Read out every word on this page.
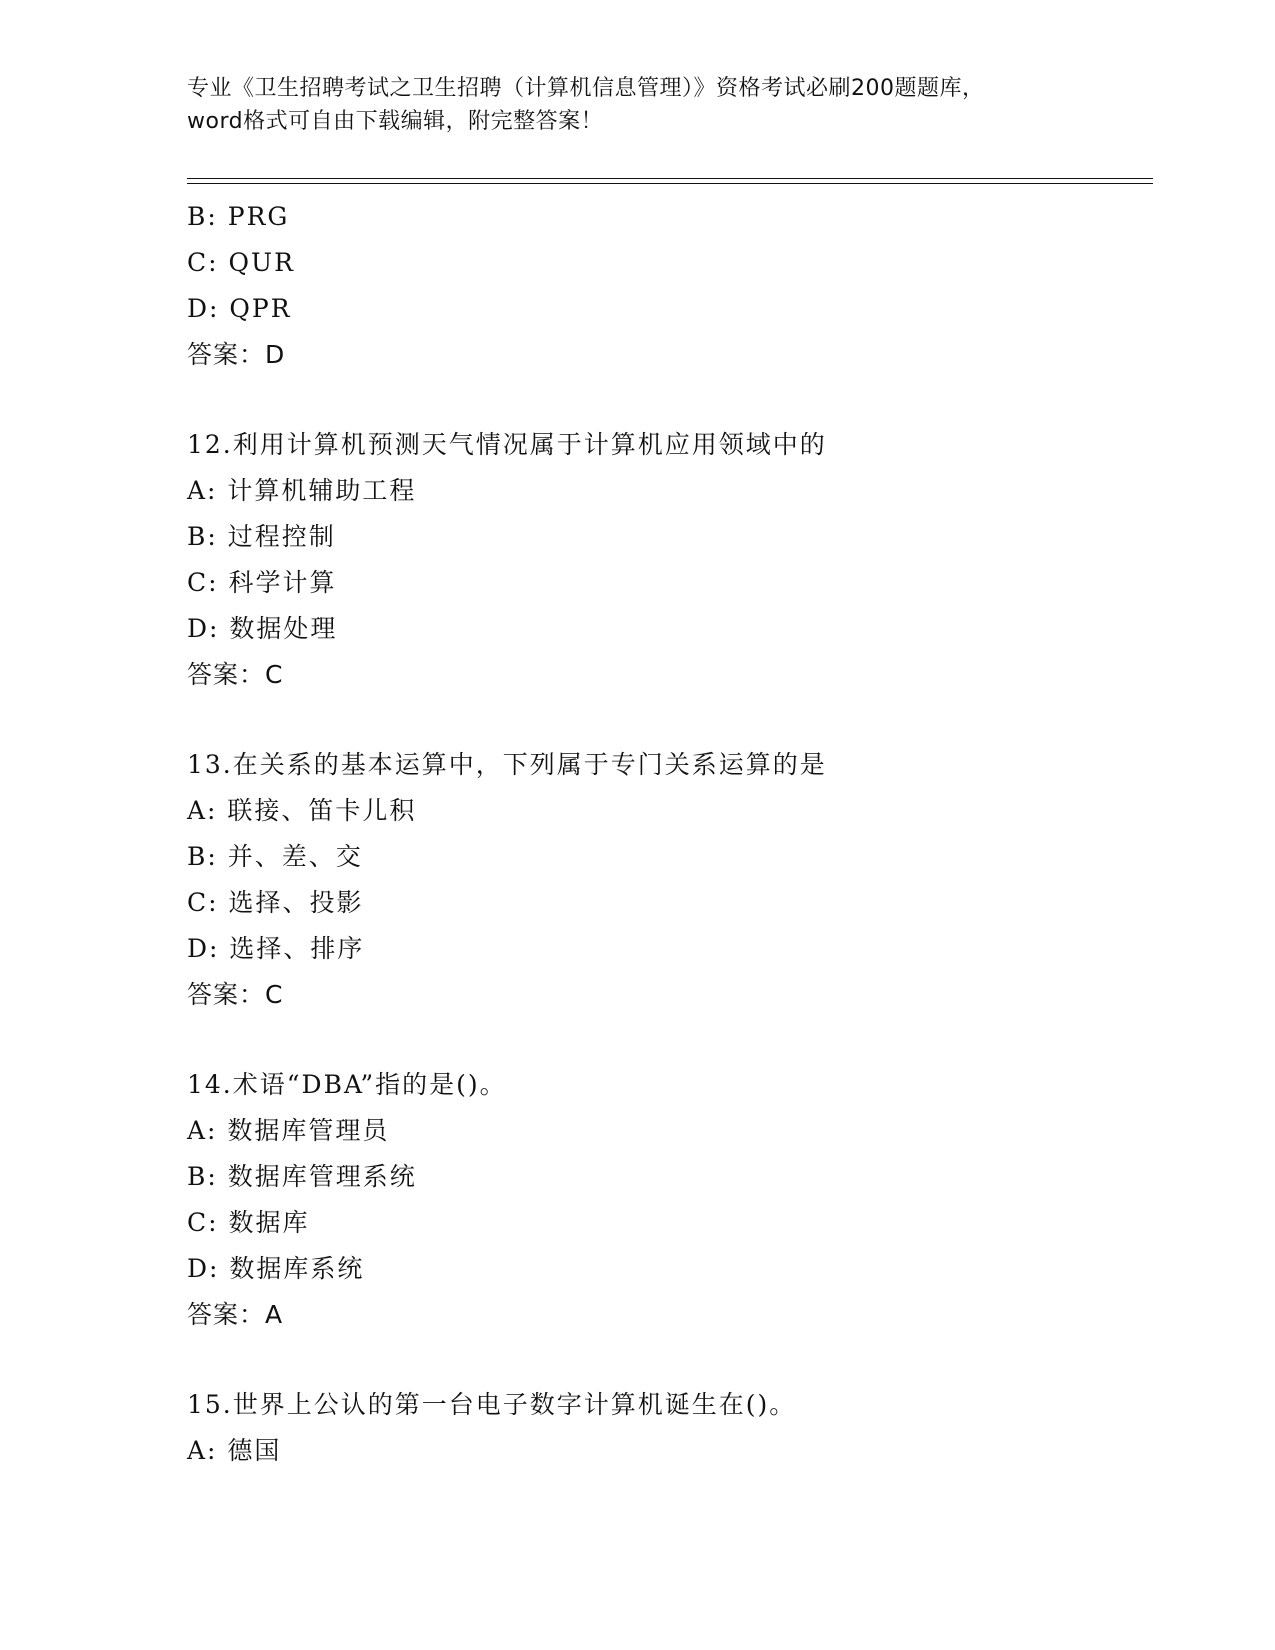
专业《卫生招聘考试之卫生招聘（计算机信息管理）》资格考试必刷200题题库，
word格式可自由下载编辑，附完整答案！
B: PRG
C: QUR
D: QPR
答案：D
12.利用计算机预测天气情况属于计算机应用领域中的
A: 计算机辅助工程
B: 过程控制
C: 科学计算
D: 数据处理
答案：C
13.在关系的基本运算中，下列属于专门关系运算的是
A: 联接、笛卡儿积
B: 并、差、交
C: 选择、投影
D: 选择、排序
答案：C
14.术语“DBA”指的是()。
A: 数据库管理员
B: 数据库管理系统
C: 数据库
D: 数据库系统
答案：A
15.世界上公认的第一台电子数字计算机诞生在()。
A: 德国
